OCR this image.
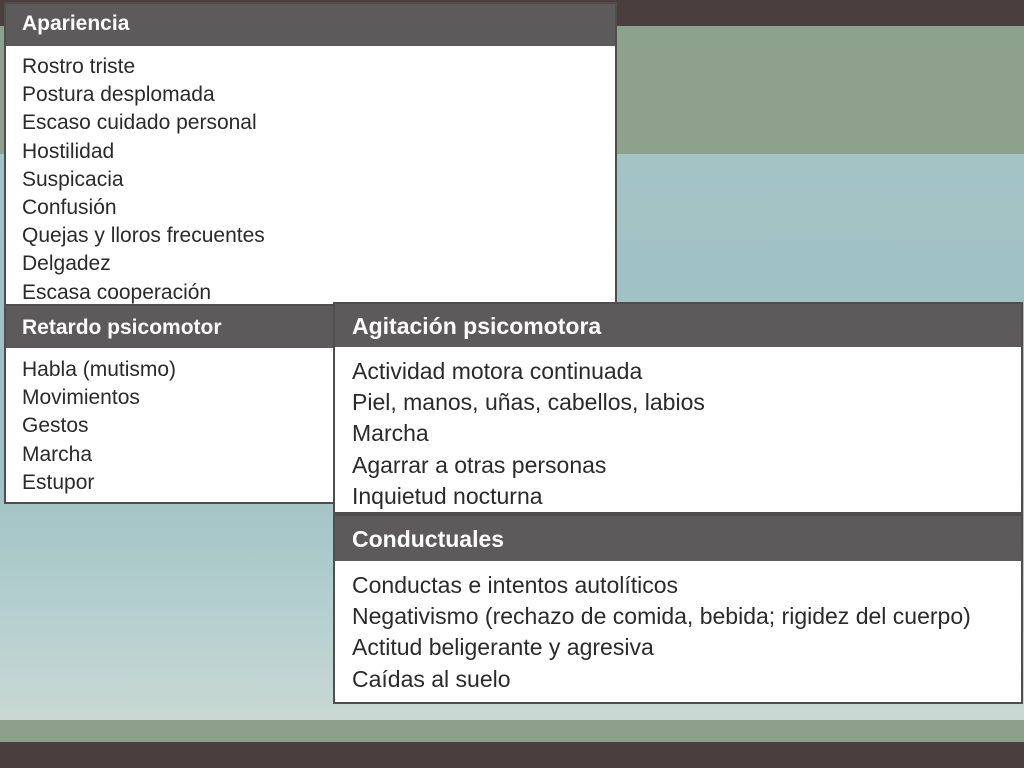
​
Apariencia
Rostro triste
Postura desplomada
Escaso cuidado personal
Hostilidad
Suspicacia
Confusión
Quejas y lloros frecuentes
Delgadez
Escasa cooperación
Retardo psicomotor
Habla (mutismo)
Movimientos
Gestos
Marcha
Estupor
Agitación psicomotora
Actividad motora continuada
Piel, manos, uñas, cabellos, labios
Marcha
Agarrar a otras personas
Inquietud nocturna
Conductuales
Conductas e intentos autolíticos
Negativismo (rechazo de comida, bebida; rigidez del cuerpo)
Actitud beligerante y agresiva
Caídas al suelo
